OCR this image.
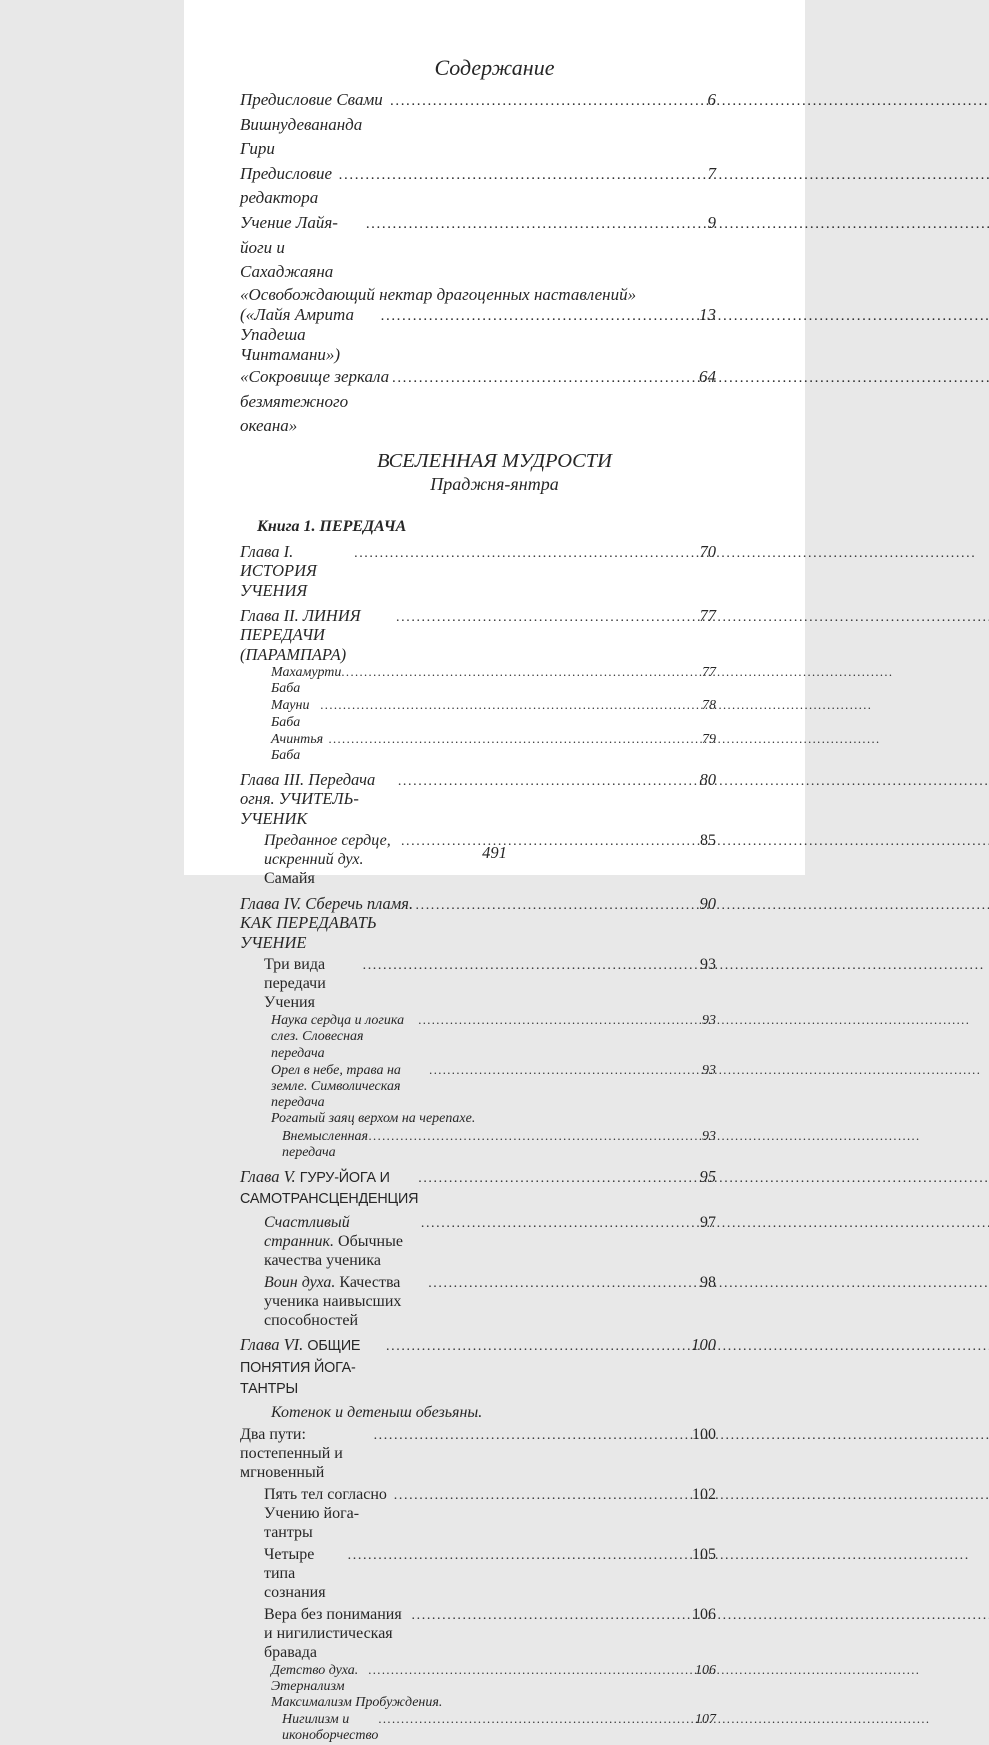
Содержание
Предисловие Свами Вишнудевананда Гири
.....
6
Предисловие редактора
.....
7
Учение Лайя-йоги и Сахаджаяна
.....
9
«Освобождающий нектар драгоценных наставлений»
(«Лайя Амрита Упадеша Чинтамани»)
.....
13
«Сокровище зеркала безмятежного океана»
.....
64
ВСЕЛЕННАЯ МУДРОСТИ
Праджня-янтра
Книга 1. ПЕРЕДАЧА
Глава I. ИСТОРИЯ УЧЕНИЯ
.....
70
Глава II. ЛИНИЯ ПЕРЕДАЧИ (ПАРАМПАРА)
.....
77
Махамурти Баба
.....
77
Мауни Баба
.....
78
Ачинтья Баба
.....
79
Глава III. Передача огня. УЧИТЕЛЬ-УЧЕНИК
.....
80
Преданное сердце, искренний дух. Самайя
.....
85
Глава IV. Сберечь пламя. КАК ПЕРЕДАВАТЬ УЧЕНИЕ
.....
90
Три вида передачи Учения
.....
93
Наука сердца и логика слез. Словесная передача
.....
93
Орел в небе, трава на земле. Символическая передача
.....
93
Рогатый заяц верхом на черепахе.
Внемысленная передача
.....
93
Глава V. ГУРУ-ЙОГА И САМОТРАНСЦЕНДЕНЦИЯ
.....
95
Счастливый странник. Обычные качества ученика
.....
97
Воин духа. Качества ученика наивысших способностей
.....
98
Глава VI. ОБЩИЕ ПОНЯТИЯ ЙОГА-ТАНТРЫ
.....
100
Котенок и детеныш обезьяны.
Два пути: постепенный и мгновенный
.....
100
Пять тел согласно Учению йога-тантры
.....
102
Четыре типа сознания
.....
105
Вера без понимания и нигилистическая бравада
.....
106
Детство духа. Этернализм
.....
106
Максимализм Пробуждения.
Нигилизм и иконоборчество
.....
107
491
